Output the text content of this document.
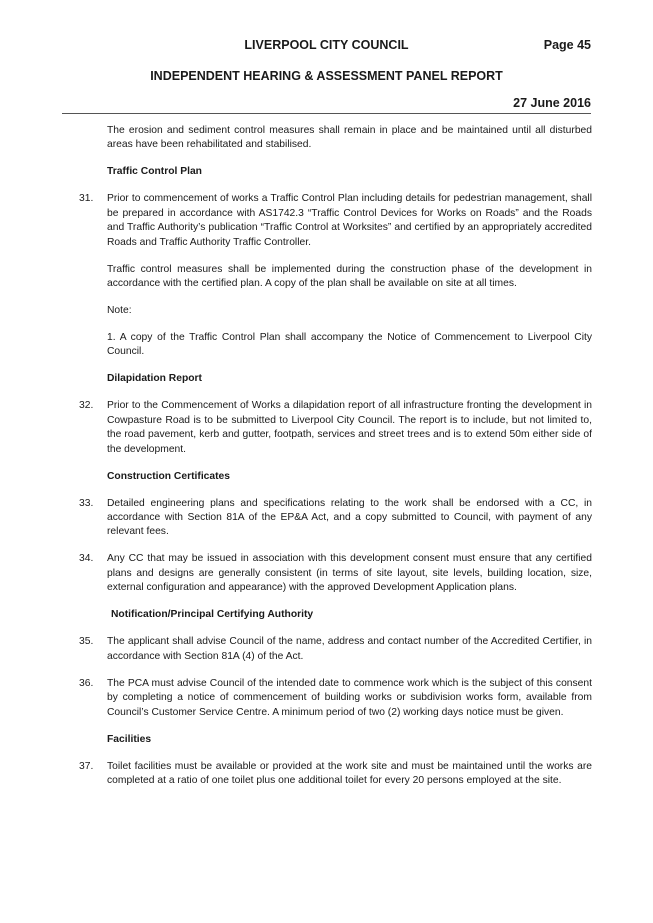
LIVERPOOL CITY COUNCIL	Page 45
INDEPENDENT HEARING & ASSESSMENT PANEL REPORT
27 June 2016

The erosion and sediment control measures shall remain in place and be maintained until all disturbed areas have been rehabilitated and stabilised.

Traffic Control Plan
31. Prior to commencement of works a Traffic Control Plan including details for pedestrian management, shall be prepared in accordance with AS1742.3 “Traffic Control Devices for Works on Roads” and the Roads and Traffic Authority’s publication “Traffic Control at Worksites” and certified by an appropriately accredited Roads and Traffic Authority Traffic Controller.

Traffic control measures shall be implemented during the construction phase of the development in accordance with the certified plan. A copy of the plan shall be available on site at all times.

Note:

1. A copy of the Traffic Control Plan shall accompany the Notice of Commencement to Liverpool City Council.

Dilapidation Report
32. Prior to the Commencement of Works a dilapidation report of all infrastructure fronting the development in Cowpasture Road is to be submitted to Liverpool City Council. The report is to include, but not limited to, the road pavement, kerb and gutter, footpath, services and street trees and is to extend 50m either side of the development.
Construction Certificates
33. Detailed engineering plans and specifications relating to the work shall be endorsed with a CC, in accordance with Section 81A of the EP&A Act, and a copy submitted to Council, with payment of any relevant fees.
34. Any CC that may be issued in association with this development consent must ensure that any certified plans and designs are generally consistent (in terms of site layout, site levels, building location, size, external configuration and appearance) with the approved Development Application plans.
Notification/Principal Certifying Authority
35. The applicant shall advise Council of the name, address and contact number of the Accredited Certifier, in accordance with Section 81A (4) of the Act.
36. The PCA must advise Council of the intended date to commence work which is the subject of this consent by completing a notice of commencement of building works or subdivision works form, available from Council’s Customer Service Centre. A minimum period of two (2) working days notice must be given.
Facilities
37. Toilet facilities must be available or provided at the work site and must be maintained until the works are completed at a ratio of one toilet plus one additional toilet for every 20 persons employed at the site.
